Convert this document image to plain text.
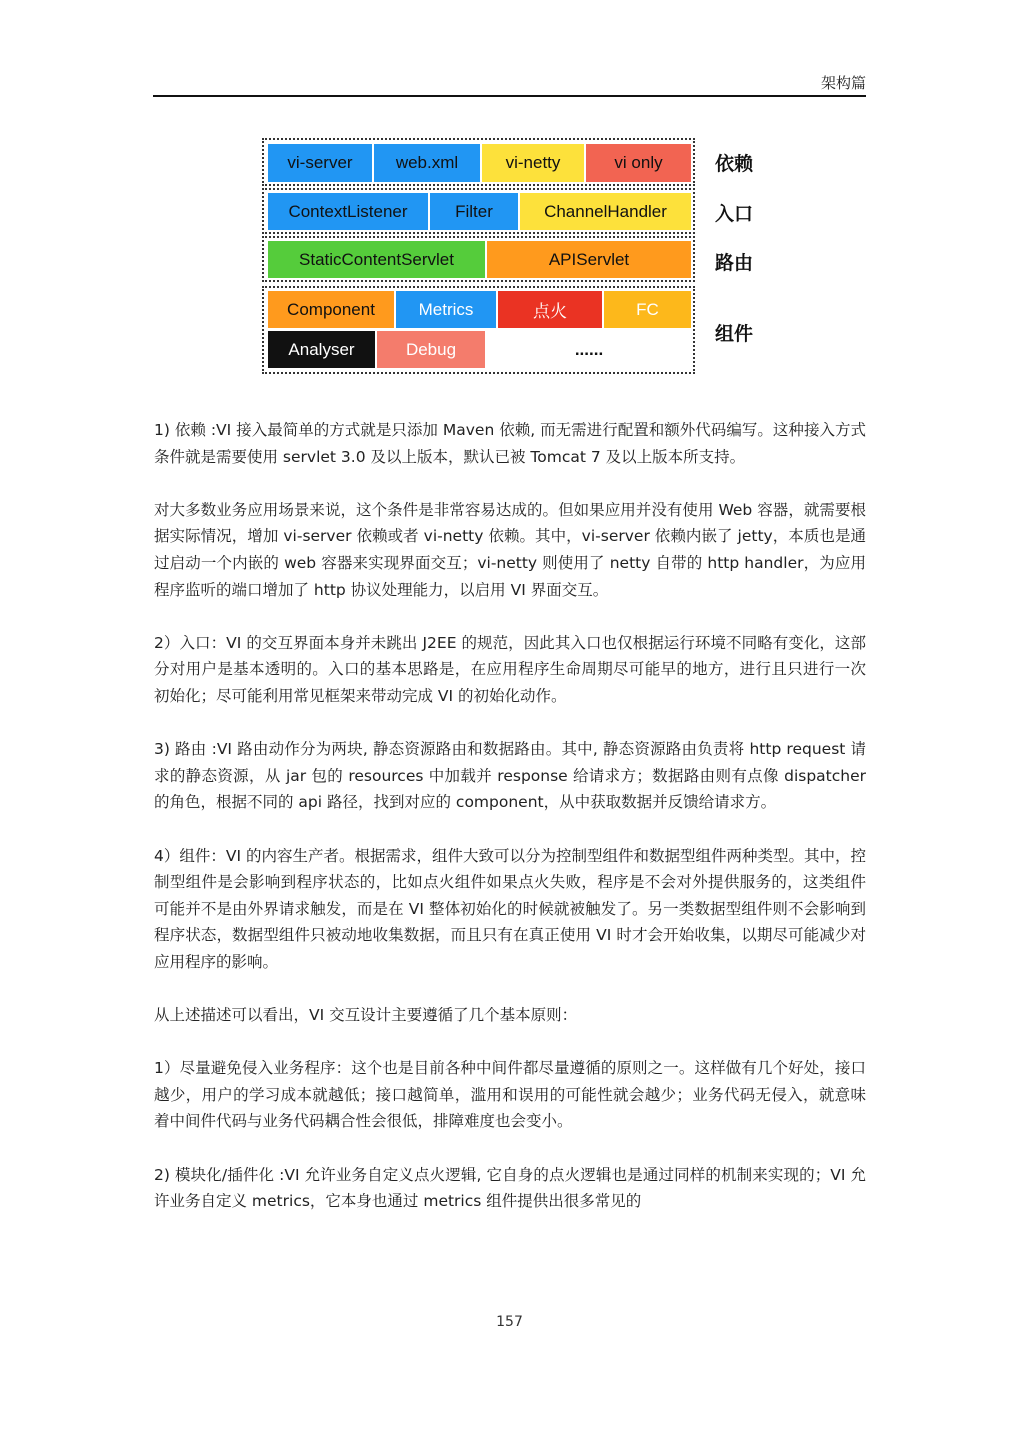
架构篇
vi-server	web.xml	vi-netty	vi only	依赖
ContextListener	Filter	ChannelHandler	入口
StaticContentServlet	APIServlet	路由
Component	Metrics	点火	FC
Analyser	Debug	......
组件

1) 依赖 :VI 接入最简单的方式就是只添加 Maven 依赖, 而无需进行配置和额外代码编写。这种接入方式条件就是需要使用 servlet 3.0 及以上版本，默认已被 Tomcat 7 及以上版本所支持。

对大多数业务应用场景来说，这个条件是非常容易达成的。但如果应用并没有使用 Web 容器，就需要根据实际情况，增加 vi-server 依赖或者 vi-netty 依赖。其中，vi-server 依赖内嵌了 jetty，本质也是通过启动一个内嵌的 web 容器来实现界面交互；vi-netty 则使用了 netty 自带的 http handler，为应用程序监听的端口增加了 http 协议处理能力，以启用 VI 界面交互。

2）入口：VI 的交互界面本身并未跳出 J2EE 的规范，因此其入口也仅根据运行环境不同略有变化，这部分对用户是基本透明的。入口的基本思路是，在应用程序生命周期尽可能早的地方，进行且只进行一次初始化；尽可能利用常见框架来带动完成 VI 的初始化动作。

3) 路由 :VI 路由动作分为两块, 静态资源路由和数据路由。其中, 静态资源路由负责将 http request 请求的静态资源，从 jar 包的 resources 中加载并 response 给请求方；数据路由则有点像 dispatcher 的角色，根据不同的 api 路径，找到对应的 component，从中获取数据并反馈给请求方。

4）组件：VI 的内容生产者。根据需求，组件大致可以分为控制型组件和数据型组件两种类型。其中，控制型组件是会影响到程序状态的，比如点火组件如果点火失败，程序是不会对外提供服务的，这类组件可能并不是由外界请求触发，而是在 VI 整体初始化的时候就被触发了。另一类数据型组件则不会影响到程序状态，数据型组件只被动地收集数据，而且只有在真正使用 VI 时才会开始收集，以期尽可能减少对应用程序的影响。

从上述描述可以看出，VI 交互设计主要遵循了几个基本原则：

1）尽量避免侵入业务程序：这个也是目前各种中间件都尽量遵循的原则之一。这样做有几个好处，接口越少，用户的学习成本就越低；接口越简单，滥用和误用的可能性就会越少；业务代码无侵入，就意味着中间件代码与业务代码耦合性会很低，排障难度也会变小。

2) 模块化/插件化 :VI 允许业务自定义点火逻辑, 它自身的点火逻辑也是通过同样的机制来实现的；VI 允许业务自定义 metrics，它本身也通过 metrics 组件提供出很多常见的

157
